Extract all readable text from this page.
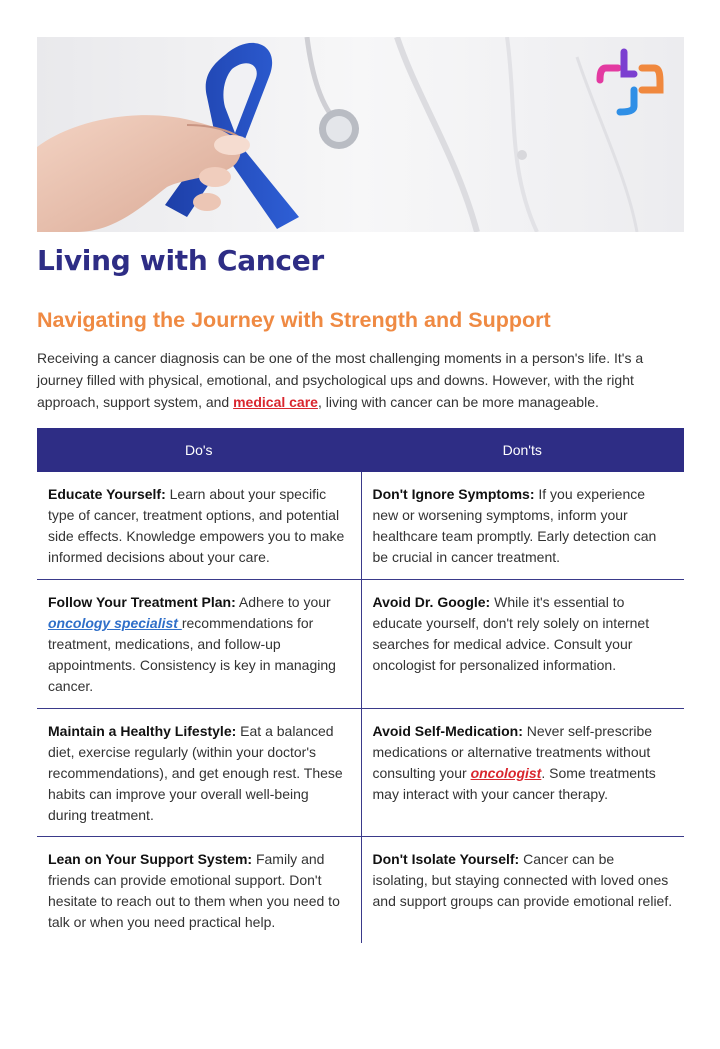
Living with Cancer
Navigating the Journey with Strength and Support

Receiving a cancer diagnosis can be one of the most challenging moments in a person's life. It's a journey filled with physical, emotional, and psychological ups and downs. However, with the right approach, support system, and medical care, living with cancer can be more manageable.

Do's	Don'ts
Educate Yourself: Learn about your specific type of cancer, treatment options, and potential side effects. Knowledge empowers you to make informed decisions about your care.
Don't Ignore Symptoms: If you experience new or worsening symptoms, inform your healthcare team promptly. Early detection can be crucial in cancer treatment.
Follow Your Treatment Plan: Adhere to your oncology specialist recommendations for treatment, medications, and follow-up appointments. Consistency is key in managing cancer.
Avoid Dr. Google: While it's essential to educate yourself, don't rely solely on internet searches for medical advice. Consult your oncologist for personalized information.
Maintain a Healthy Lifestyle: Eat a balanced diet, exercise regularly (within your doctor's recommendations), and get enough rest. These habits can improve your overall well-being during treatment.
Avoid Self-Medication: Never self-prescribe medications or alternative treatments without consulting your oncologist. Some treatments may interact with your cancer therapy.
Lean on Your Support System: Family and friends can provide emotional support. Don't hesitate to reach out to them when you need to talk or when you need practical help.
Don't Isolate Yourself: Cancer can be isolating, but staying connected with loved ones and support groups can provide emotional relief.
